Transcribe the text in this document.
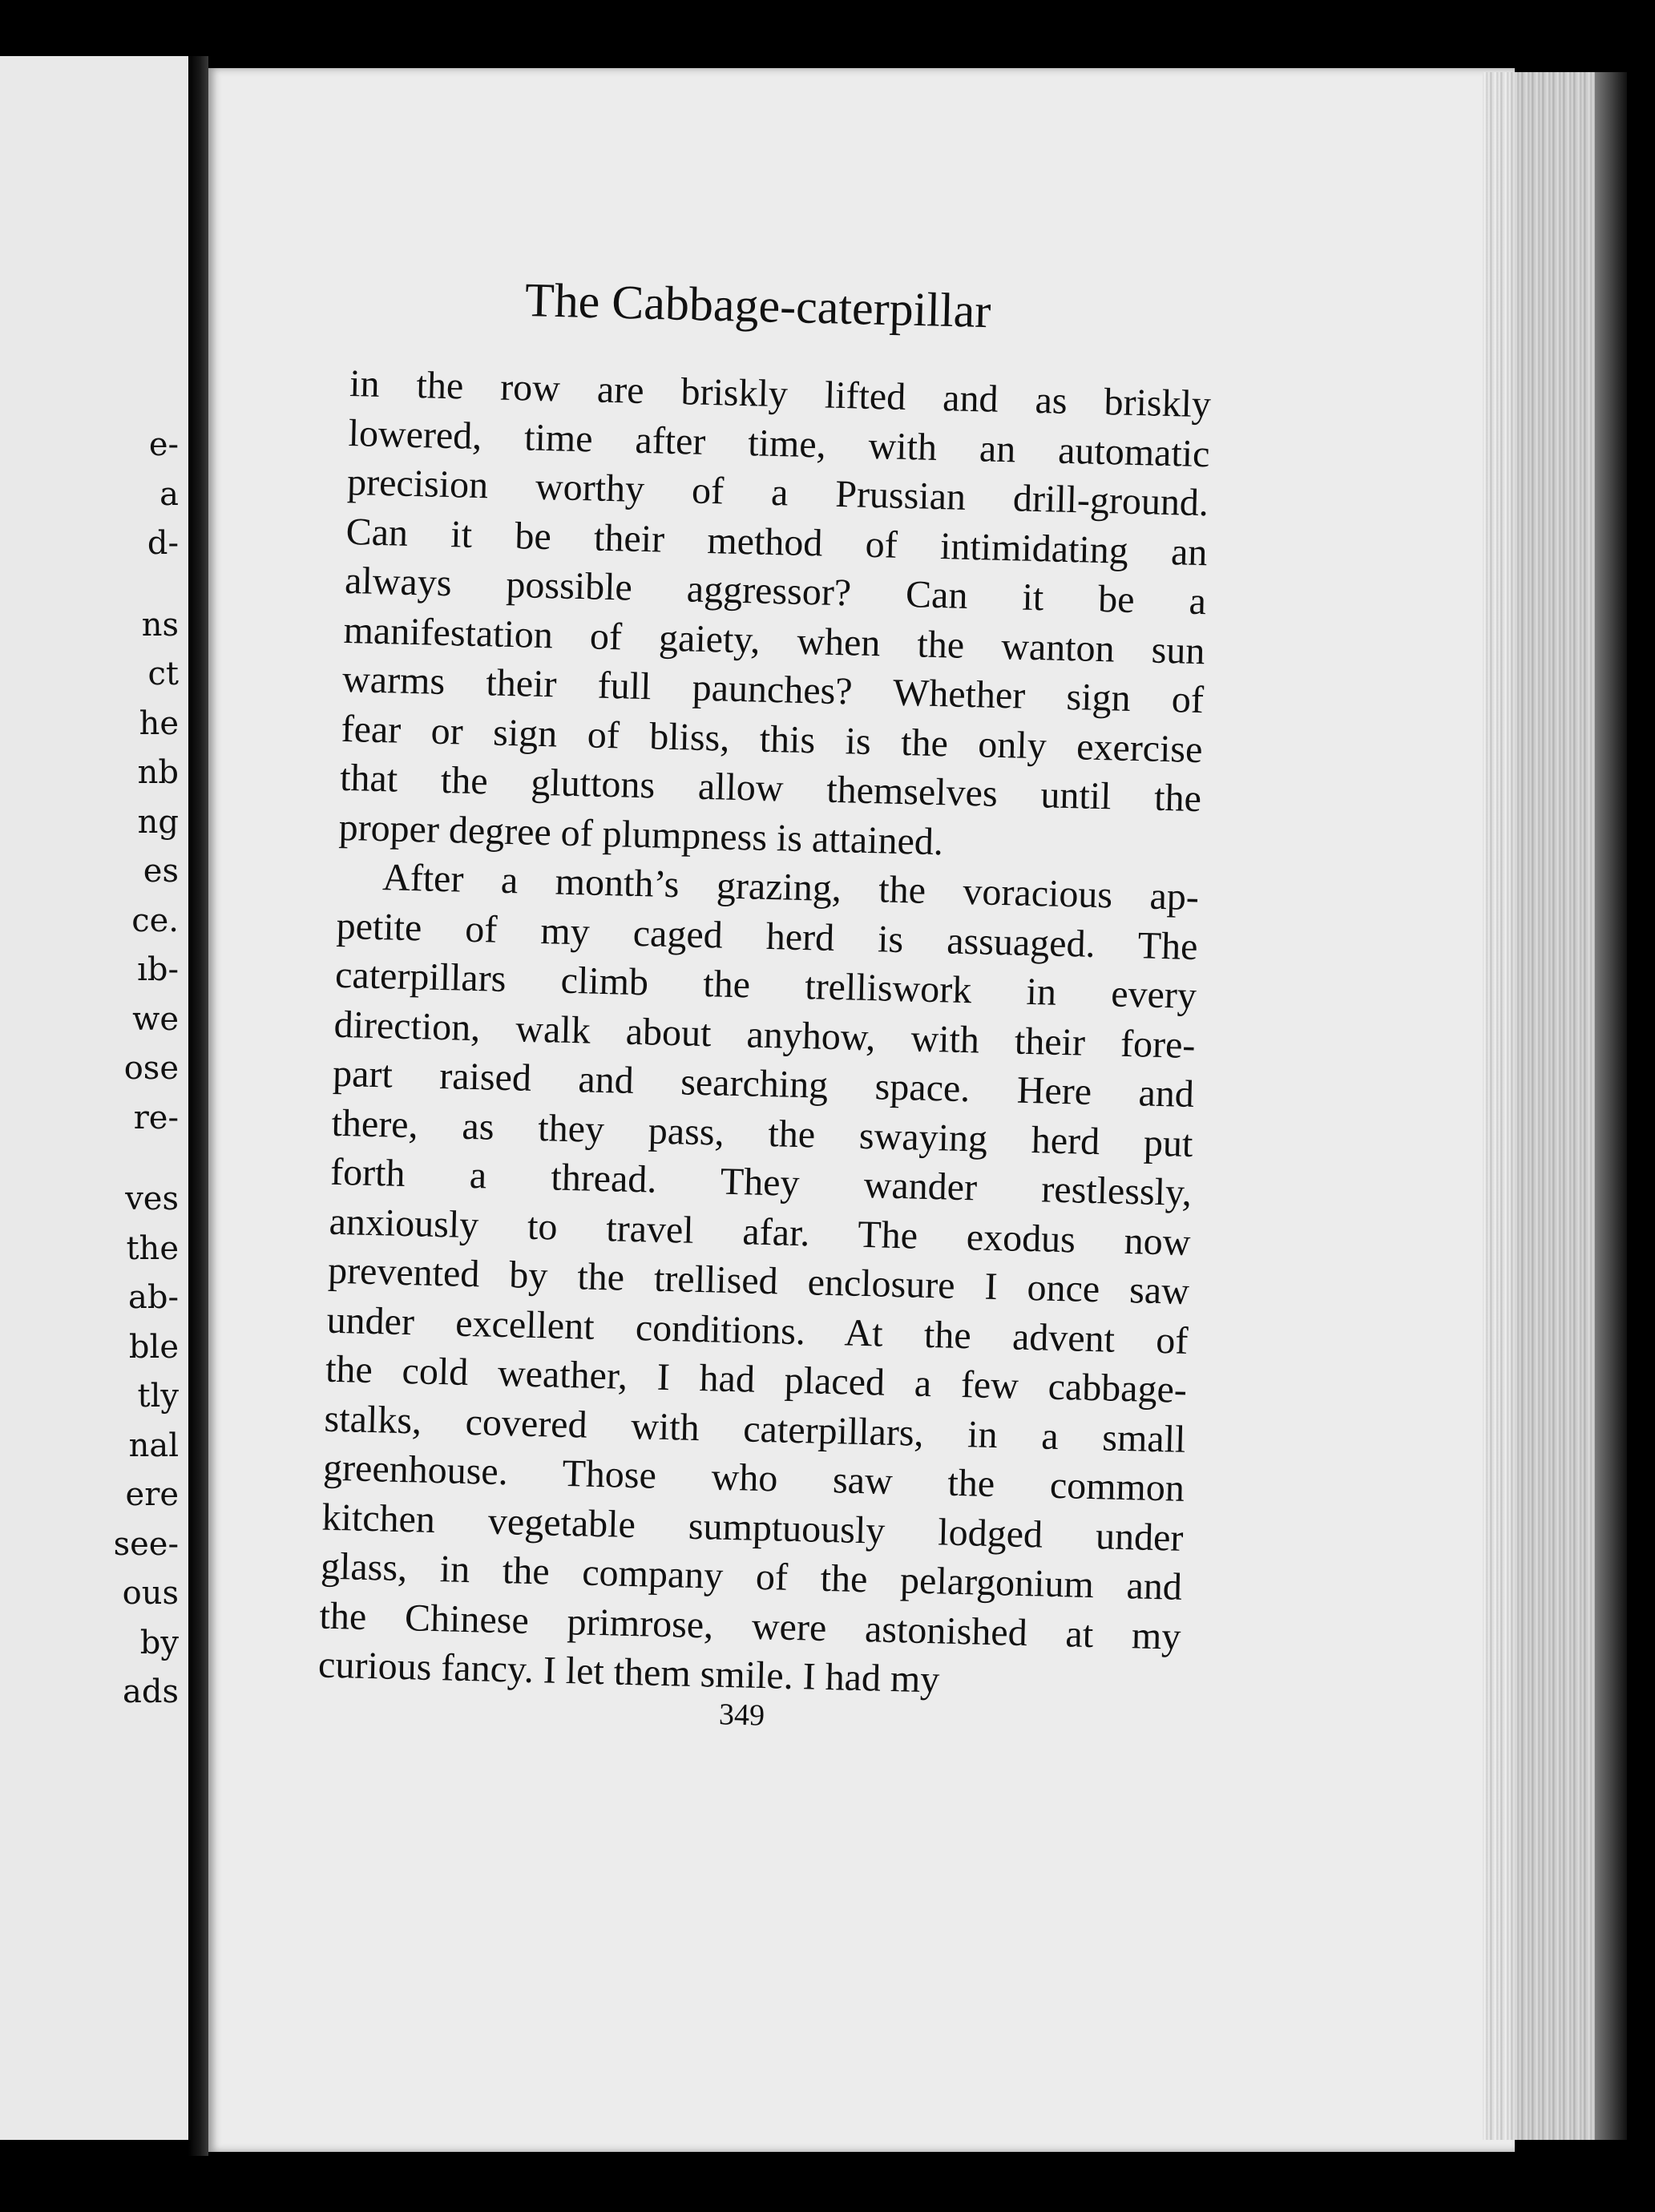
e-
a
d-
ns
ct
he
nb
ng
es
ce.
ıb-
we
ose
re-
ves
the
ab-
ble
tly
nal
ere
see-
ous
by
ads
The Cabbage-caterpillar
in the row are briskly lifted and as briskly
lowered, time after time, with an automatic
precision worthy of a Prussian drill-ground.
Can it be their method of intimidating an
always possible aggressor? Can it be a
manifestation of gaiety, when the wanton sun
warms their full paunches? Whether sign of
fear or sign of bliss, this is the only exercise
that the gluttons allow themselves until the
proper degree of plumpness is attained.
After a month’s grazing, the voracious ap-
petite of my caged herd is assuaged. The
caterpillars climb the trelliswork in every
direction, walk about anyhow, with their fore-
part raised and searching space. Here and
there, as they pass, the swaying herd put
forth a thread. They wander restlessly,
anxiously to travel afar. The exodus now
prevented by the trellised enclosure I once saw
under excellent conditions. At the advent of
the cold weather, I had placed a few cabbage-
stalks, covered with caterpillars, in a small
greenhouse. Those who saw the common
kitchen vegetable sumptuously lodged under
glass, in the company of the pelargonium and
the Chinese primrose, were astonished at my
curious fancy. I let them smile. I had my
349
